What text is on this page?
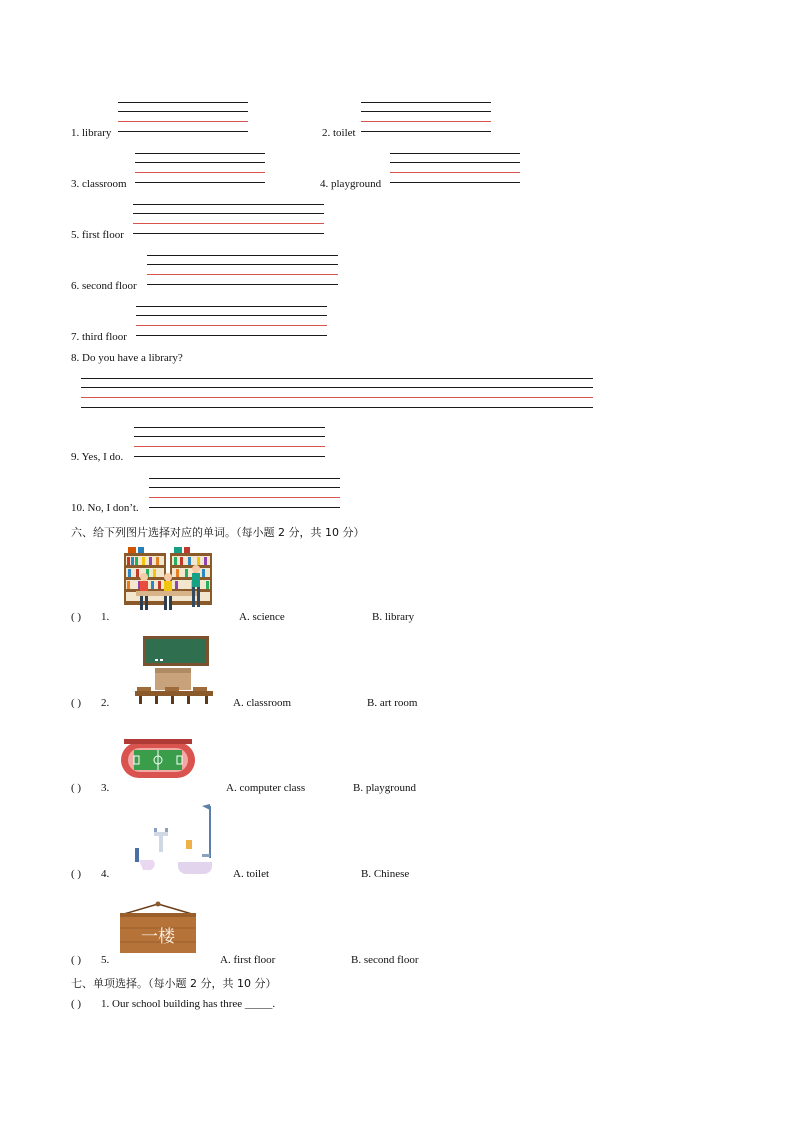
1. library	2. toilet
3. classroom	4. playground
5. first floor
6. second floor
7. third floor
8. Do you have a library?
9. Yes, I do.
10. No, I don’t.
六、给下列图片选择对应的单词。（每小题 2 分，共 10 分）
( ) 1.	A. science	B. library
( ) 2.	A. classroom	B. art room
( ) 3.	A. computer class	B. playground
( ) 4.	A. toilet	B. Chinese
一楼
( ) 5.	A. first floor	B. second floor
七、单项选择。（每小题 2 分，共 10 分）
( ) 1. Our school building has three _____.
